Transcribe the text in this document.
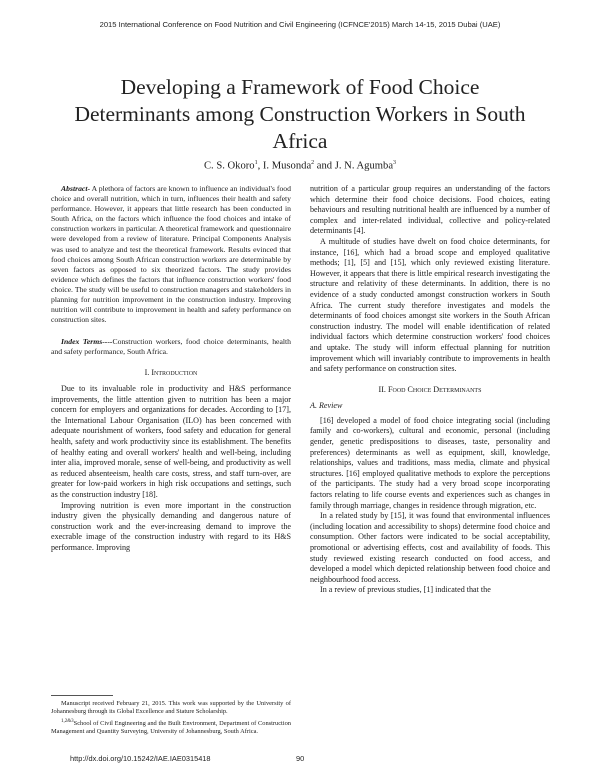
2015 International Conference on Food Nutrition and Civil Engineering (ICFNCE'2015) March 14-15, 2015 Dubai (UAE)
Developing a Framework of Food Choice Determinants among Construction Workers in South Africa
C. S. Okoro$^1$, I. Musonda$^2$ and J. N. Agumba$^3$

Abstract- A plethora of factors are known to influence an individual's food choice and overall nutrition, which in turn, influences their health and safety performance. However, it appears that little research has been conducted in South Africa, on the factors which influence the food choices and intake of construction workers in particular. A theoretical framework and questionnaire were developed from a review of literature. Principal Components Analysis was used to analyze and test the theoretical framework. Results evinced that food choices among South African construction workers are determinable by seven factors as opposed to six theorized factors. The study provides evidence which defines the factors that influence construction workers' food choice. The study will be useful to construction managers and stakeholders in planning for nutrition improvement in the construction industry. Improving nutrition will contribute to improvement in health and safety performance on construction sites.

Index Terms----Construction workers, food choice determinants, health and safety performance, South Africa.

I. Introduction

Due to its invaluable role in productivity and H&S performance improvements, the little attention given to nutrition has been a major concern for employers and organizations for decades. According to [17], the International Labour Organisation (ILO) has been concerned with adequate nourishment of workers, food safety and education for general health, safety and work productivity since its establishment. The benefits of healthy eating and overall workers' health and well-being, including inter alia, improved morale, sense of well-being, and productivity as well as reduced absenteeism, health care costs, stress, and staff turn-over, are greater for low-paid workers in high risk occupations and settings, such as the construction industry [18].

Improving nutrition is even more important in the construction industry given the physically demanding and dangerous nature of construction work and the ever-increasing demand to improve the execrable image of the construction industry with regard to its H&S performance. Improving

nutrition of a particular group requires an understanding of the factors which determine their food choice decisions. Food choices, eating behaviours and resulting nutritional health are influenced by a number of complex and inter-related individual, collective and policy-related determinants [4].

A multitude of studies have dwelt on food choice determinants, for instance, [16], which had a broad scope and employed qualitative methods; [1], [5] and [15], which only reviewed existing literature. However, it appears that there is little empirical research investigating the structure and relativity of these determinants. In addition, there is no evidence of a study conducted amongst construction workers in South Africa. The current study therefore investigates and models the determinants of food choices amongst site workers in the South African construction industry. The model will enable identification of related individual factors which determine construction workers' food choices and uptake. The study will inform effectual planning for nutrition improvement which will invariably contribute to improvements in health and safety performance on construction sites.

II. Food Choice Determinants

A. Review

[16] developed a model of food choice integrating social (including family and co-workers), cultural and economic, personal (including gender, genetic predispositions to diseases, taste, personality and preferences) determinants as well as equipment, skill, knowledge, relationships, values and traditions, mass media, climate and physical structures. [16] employed qualitative methods to explore the perceptions of the participants. The study had a very broad scope incorporating factors relating to life course events and experiences such as changes in family through marriage, changes in residence through migration, etc.

In a related study by [15], it was found that environmental influences (including location and accessibility to shops) determine food choice and consumption. Other factors were indicated to be social acceptability, promotional or advertising effects, cost and availability of foods. This study reviewed existing research conducted on food access, and developed a model which depicted relationship between food choice and neighbourhood food access.

In a review of previous studies, [1] indicated that the

Manuscript received February 21, 2015. This work was supported by the University of Johannesburg through its Global Excellence and Stature Scholarship.

$^{1,2\&3}$School of Civil Engineering and the Built Environment, Department of Construction Management and Quantity Surveying, University of Johannesburg, South Africa.

http://dx.doi.org/10.15242/IAE.IAE0315418	90
